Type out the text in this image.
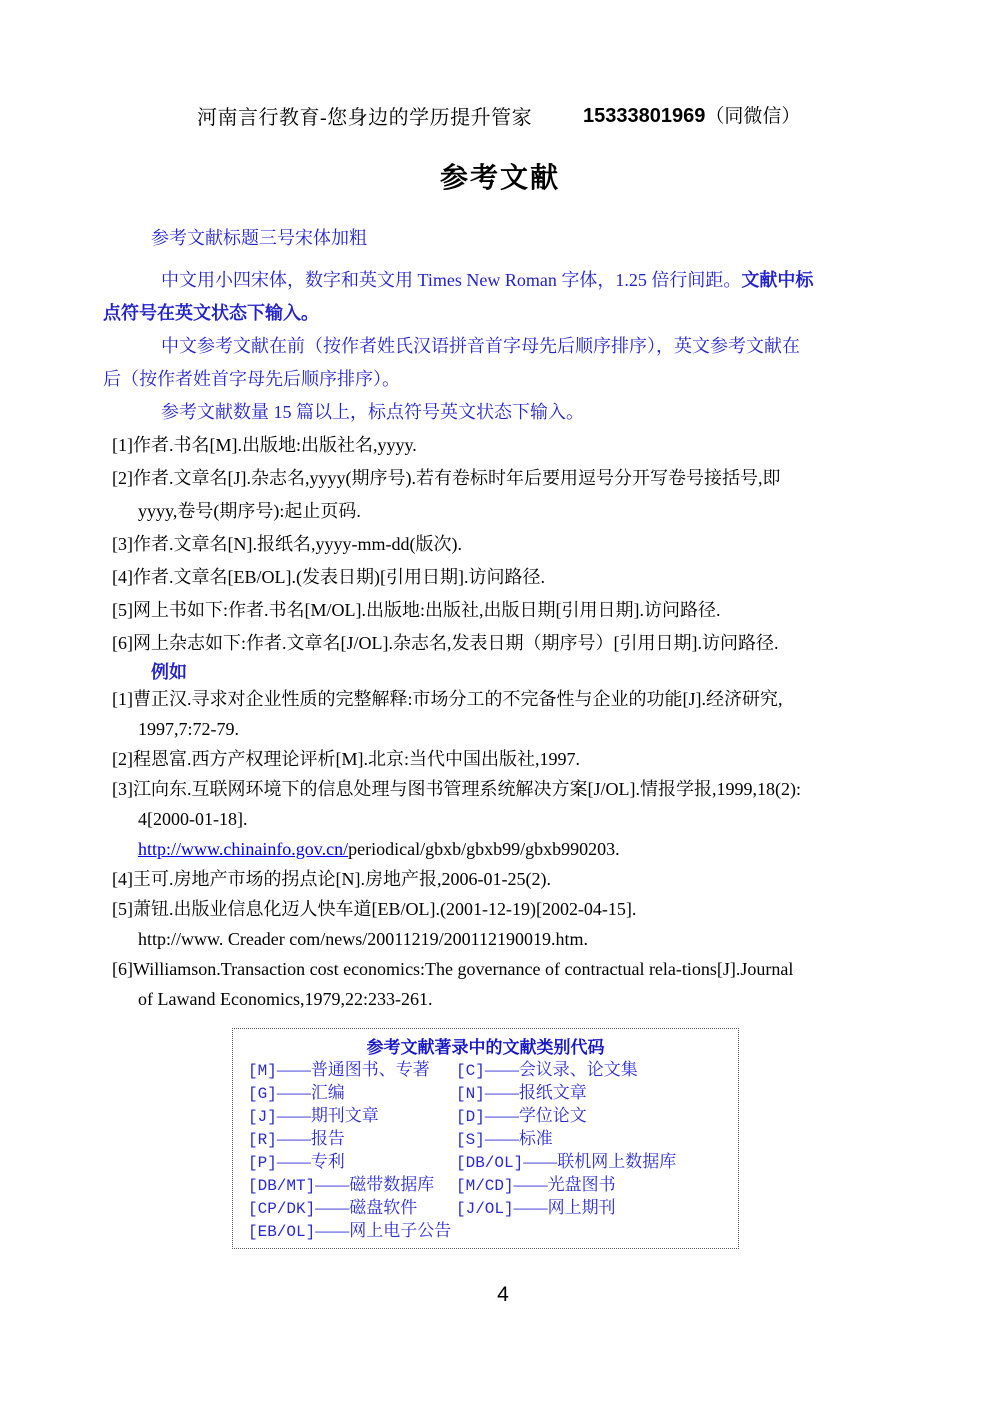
河南言行教育-您身边的学历提升管家	15333801969（同微信）
参考文献
参考文献标题三号宋体加粗
中文用小四宋体，数字和英文用 Times New Roman 字体，1.25 倍行间距。文献中标
点符号在英文状态下输入。
中文参考文献在前（按作者姓氏汉语拼音首字母先后顺序排序），英文参考文献在
后（按作者姓首字母先后顺序排序）。
参考文献数量 15 篇以上，标点符号英文状态下输入。
[1]作者.书名[M].出版地:出版社名,yyyy.
[2]作者.文章名[J].杂志名,yyyy(期序号).若有卷标时年后要用逗号分开写卷号接括号,即
yyyy,卷号(期序号):起止页码.
[3]作者.文章名[N].报纸名,yyyy-mm-dd(版次).
[4]作者.文章名[EB/OL].(发表日期)[引用日期].访问路径.
[5]网上书如下:作者.书名[M/OL].出版地:出版社,出版日期[引用日期].访问路径.
[6]网上杂志如下:作者.文章名[J/OL].杂志名,发表日期（期序号）[引用日期].访问路径.
例如
[1]曹正汉.寻求对企业性质的完整解释:市场分工的不完备性与企业的功能[J].经济研究,
1997,7:72-79.
[2]程恩富.西方产权理论评析[M].北京:当代中国出版社,1997.
[3]江向东.互联网环境下的信息处理与图书管理系统解决方案[J/OL].情报学报,1999,18(2):
4[2000-01-18].
http://www.chinainfo.gov.cn/periodical/gbxb/gbxb99/gbxb990203.
[4]王可.房地产市场的拐点论[N].房地产报,2006-01-25(2).
[5]萧钮.出版业信息化迈人快车道[EB/OL].(2001-12-19)[2002-04-15].
http://www. Creader com/news/20011219/200112190019.htm.
[6]Williamson.Transaction cost economics:The governance of contractual rela-tions[J].Journal
of Lawand Economics,1979,22:233-261.
参考文献著录中的文献类别代码
[M]——普通图书、专著	[C]——会议录、论文集
[G]——汇编	[N]——报纸文章
[J]——期刊文章	[D]——学位论文
[R]——报告	[S]——标准
[P]——专利	[DB/OL]——联机网上数据库
[DB/MT]——磁带数据库	[M/CD]——光盘图书
[CP/DK]——磁盘软件	[J/OL]——网上期刊
[EB/OL]——网上电子公告
4
